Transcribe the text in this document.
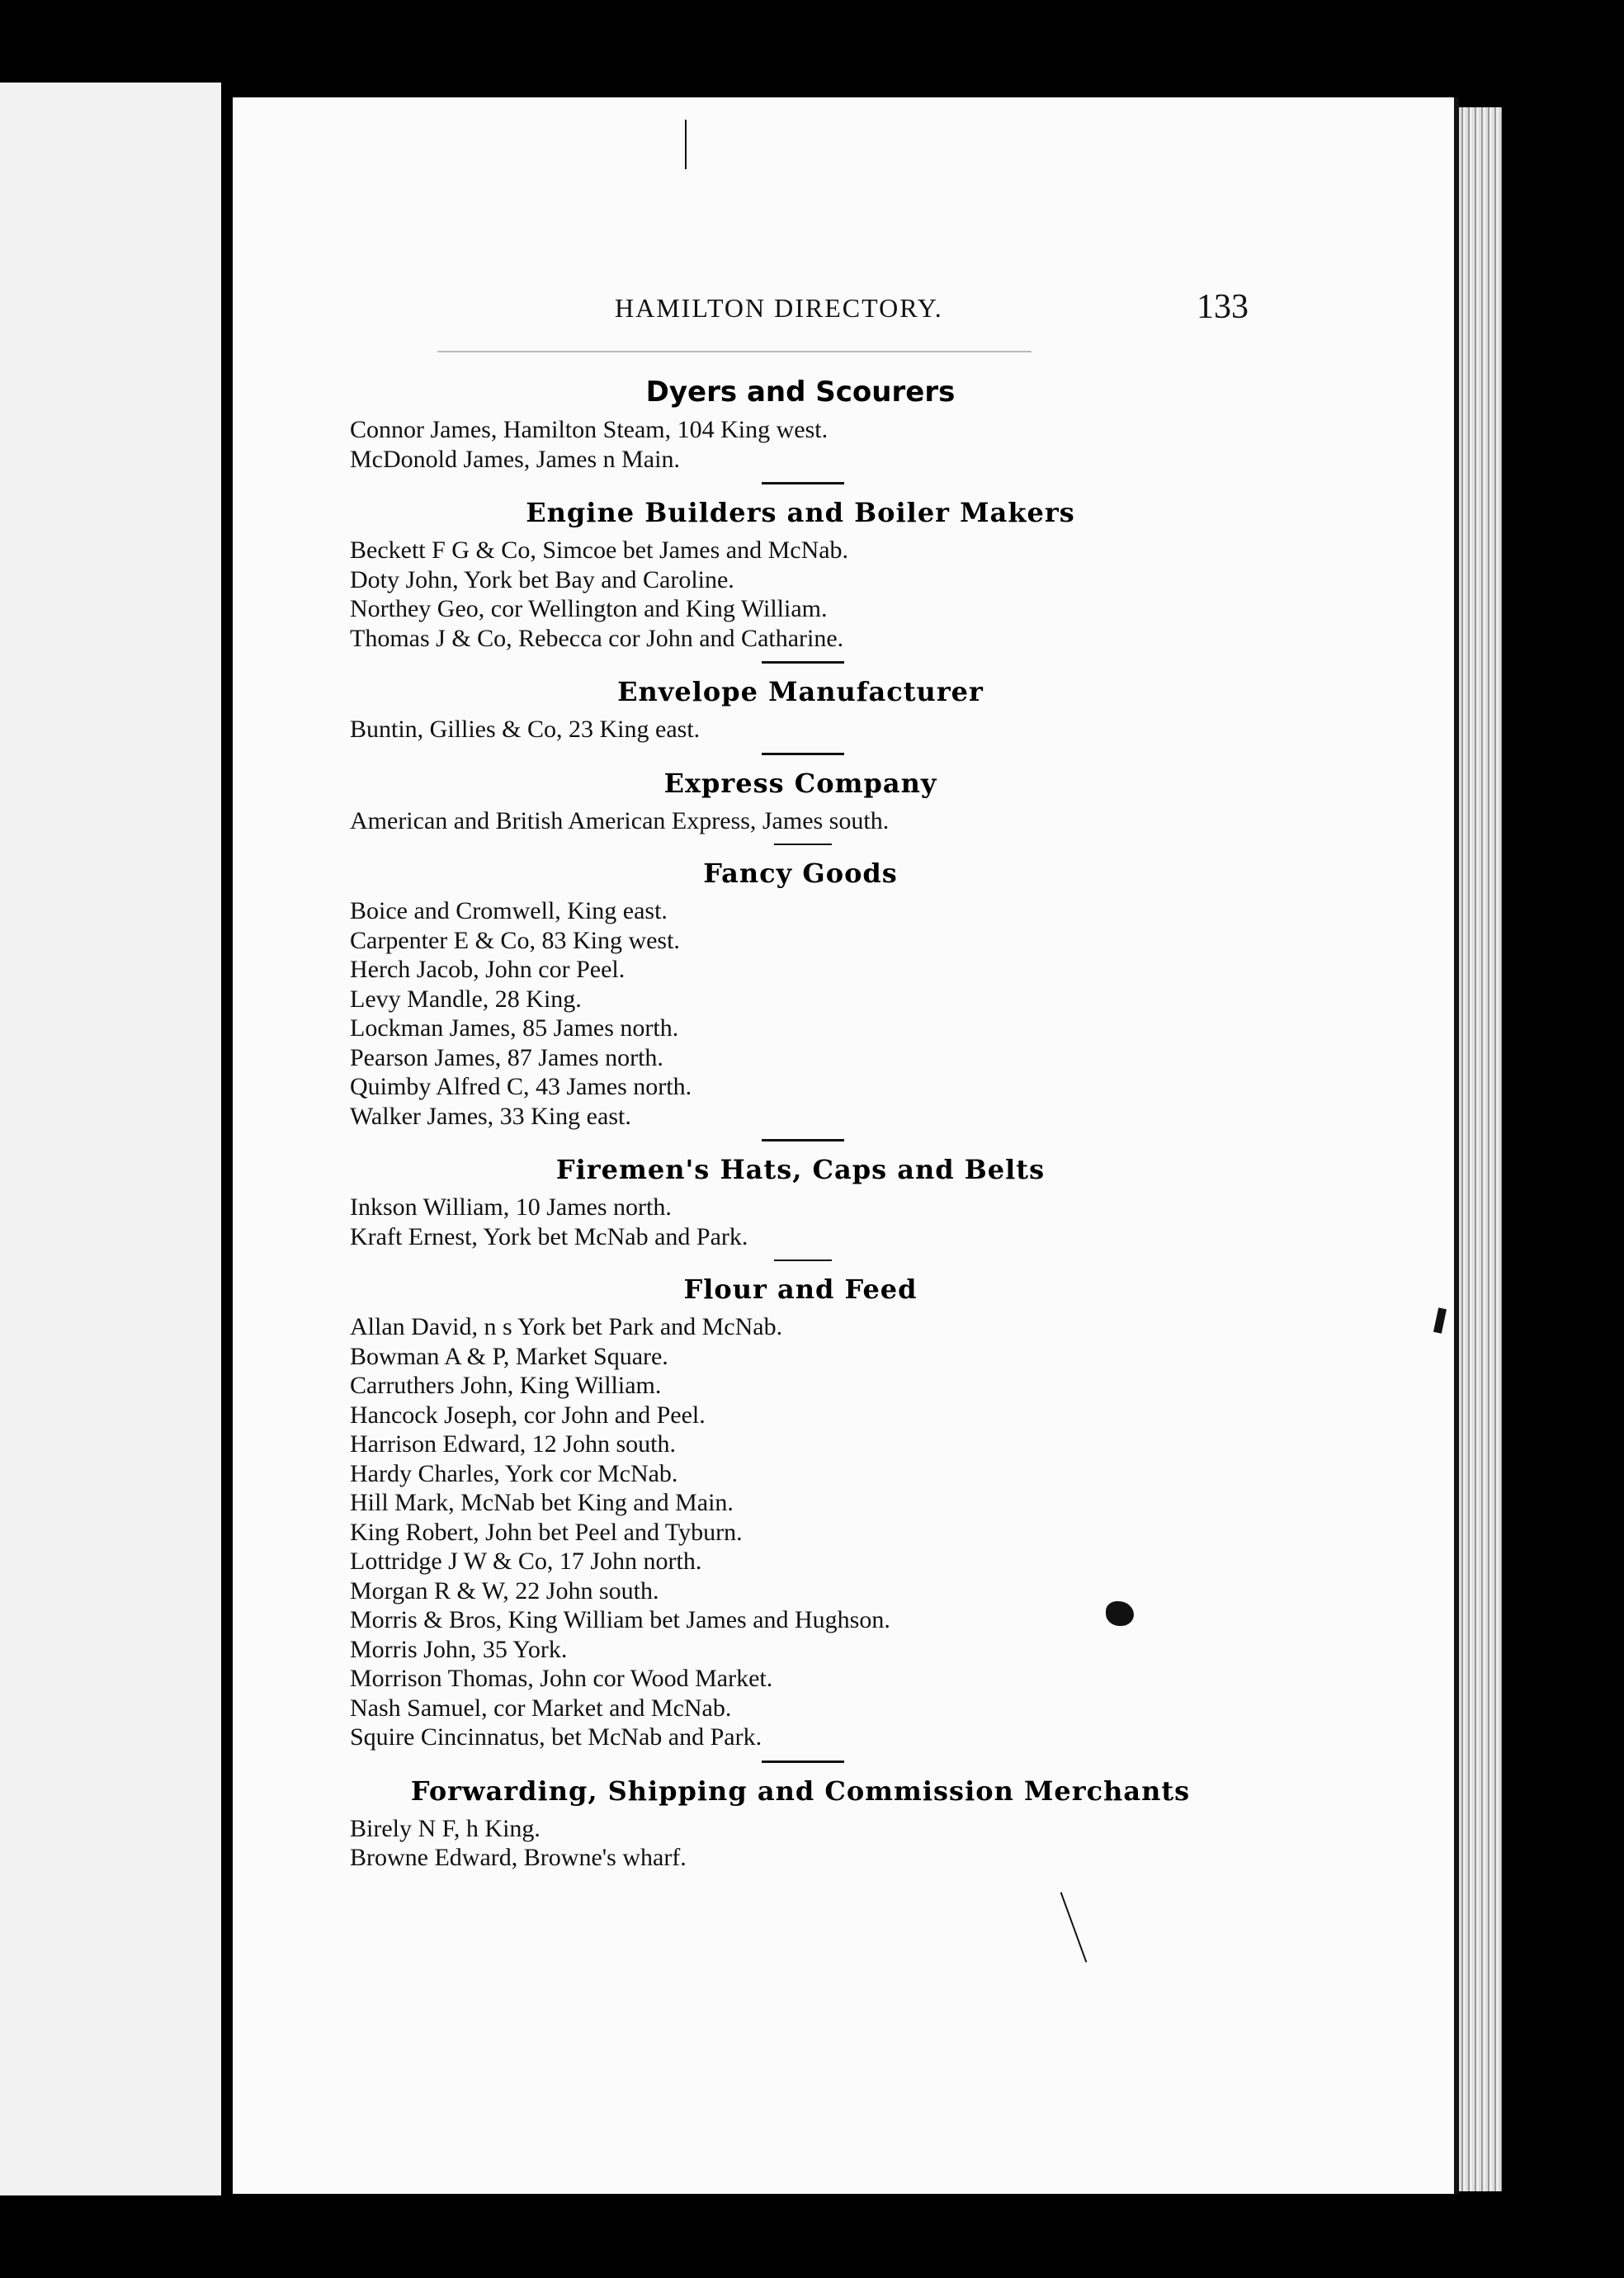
HAMILTON DIRECTORY.	133
Dyers and Scourers
Connor James, Hamilton Steam, 104 King west.
McDonold James, James n Main.
Engine Builders and Boiler Makers
Beckett F G & Co, Simcoe bet James and McNab.
Doty John, York bet Bay and Caroline.
Northey Geo, cor Wellington and King William.
Thomas J & Co, Rebecca cor John and Catharine.
Envelope Manufacturer
Buntin, Gillies & Co, 23 King east.
Express Company
American and British American Express, James south.
Fancy Goods
Boice and Cromwell, King east.
Carpenter E & Co, 83 King west.
Herch Jacob, John cor Peel.
Levy Mandle, 28 King.
Lockman James, 85 James north.
Pearson James, 87 James north.
Quimby Alfred C, 43 James north.
Walker James, 33 King east.
Firemen's Hats, Caps and Belts
Inkson William, 10 James north.
Kraft Ernest, York bet McNab and Park.
Flour and Feed
Allan David, n s York bet Park and McNab.
Bowman A & P, Market Square.
Carruthers John, King William.
Hancock Joseph, cor John and Peel.
Harrison Edward, 12 John south.
Hardy Charles, York cor McNab.
Hill Mark, McNab bet King and Main.
King Robert, John bet Peel and Tyburn.
Lottridge J W & Co, 17 John north.
Morgan R & W, 22 John south.
Morris & Bros, King William bet James and Hughson.
Morris John, 35 York.
Morrison Thomas, John cor Wood Market.
Nash Samuel, cor Market and McNab.
Squire Cincinnatus, bet McNab and Park.
Forwarding, Shipping and Commission Merchants
Birely N F, h King.
Browne Edward, Browne's wharf.
